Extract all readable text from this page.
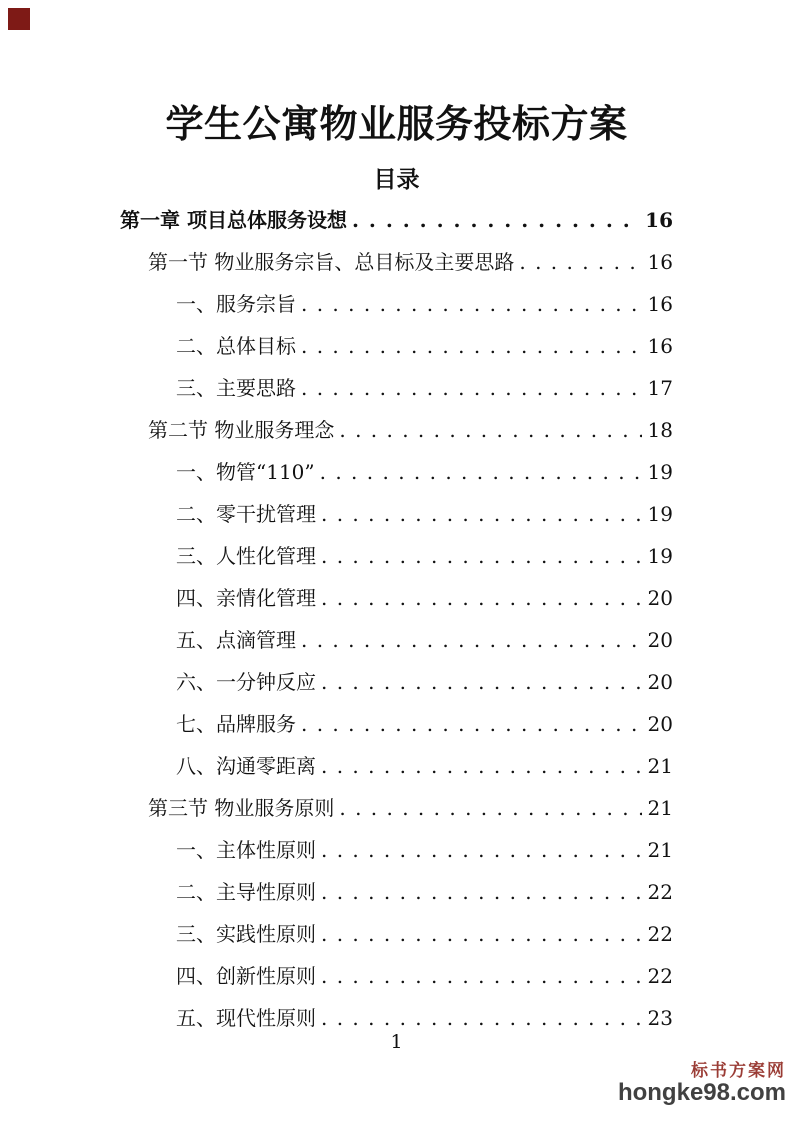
学生公寓物业服务投标方案
目录
第一章 项目总体服务设想 . . .	16
第一节 物业服务宗旨、总目标及主要思路 . . .	16
一、服务宗旨 . . .	16
二、总体目标 . . .	16
三、主要思路 . . .	17
第二节 物业服务理念 . . .	18
一、物管“110” . . .	19
二、零干扰管理 . . .	19
三、人性化管理 . . .	19
四、亲情化管理 . . .	20
五、点滴管理 . . .	20
六、一分钟反应 . . .	20
七、品牌服务 . . .	20
八、沟通零距离 . . .	21
第三节 物业服务原则 . . .	21
一、主体性原则 . . .	21
二、主导性原则 . . .	22
三、实践性原则 . . .	22
四、创新性原则 . . .	22
五、现代性原则 . . .	23
1
标书方案网
hongke98.com
